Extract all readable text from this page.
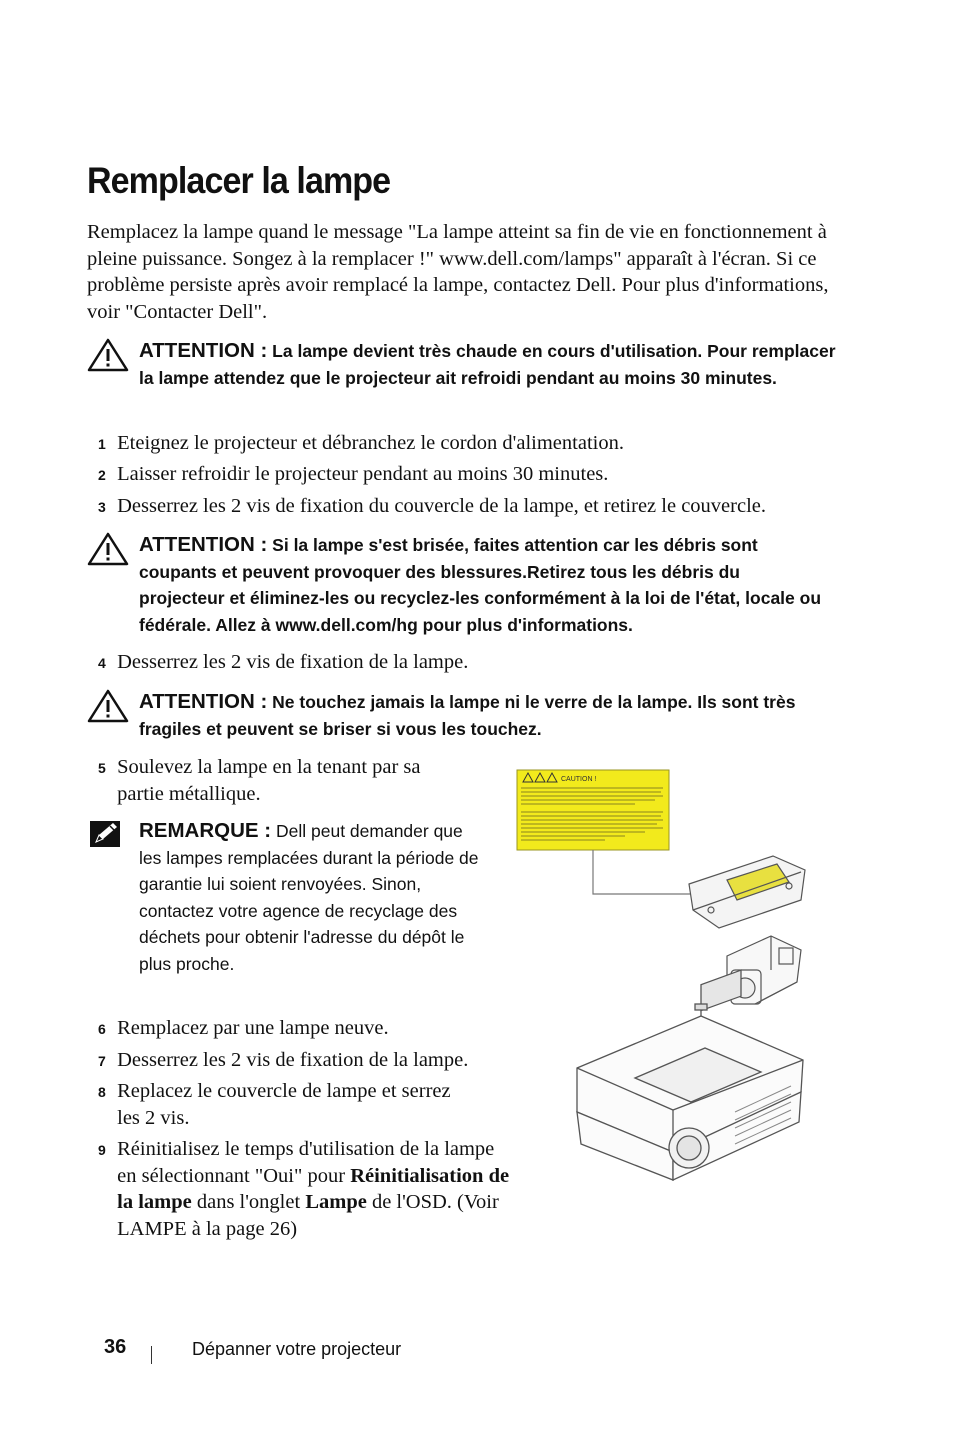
Remplacer la lampe

Remplacez la lampe quand le message "La lampe atteint sa fin de vie en fonctionnement à pleine puissance. Songez à la remplacer !" www.dell.com/lamps" apparaît à l'écran. Si ce problème persiste après avoir remplacé la lampe, contactez Dell. Pour plus d'informations, voir "Contacter Dell".

ATTENTION : La lampe devient très chaude en cours d'utilisation. Pour remplacer la lampe attendez que le projecteur ait refroidi pendant au moins 30 minutes.
1 Eteignez le projecteur et débranchez le cordon d'alimentation.
2 Laisser refroidir le projecteur pendant au moins 30 minutes.
3 Desserrez les 2 vis de fixation du couvercle de la lampe, et retirez le couvercle.
ATTENTION : Si la lampe s'est brisée, faites attention car les débris sont coupants et peuvent provoquer des blessures.Retirez tous les débris du projecteur et éliminez-les ou recyclez-les conformément à la loi de l'état, locale ou fédérale. Allez à www.dell.com/hg pour plus d'informations.
4 Desserrez les 2 vis de fixation de la lampe.
ATTENTION : Ne touchez jamais la lampe ni le verre de la lampe. Ils sont très fragiles et peuvent se briser si vous les touchez.
5 Soulevez la lampe en la tenant par sa partie métallique.
REMARQUE : Dell peut demander que les lampes remplacées durant la période de garantie lui soient renvoyées. Sinon, contactez votre agence de recyclage des déchets pour obtenir l'adresse du dépôt le plus proche.
6 Remplacez par une lampe neuve.
7 Desserrez les 2 vis de fixation de la lampe.
8 Replacez le couvercle de lampe et serrez les 2 vis.
9 Réinitialisez le temps d'utilisation de la lampe en sélectionnant "Oui" pour Réinitialisation de la lampe dans l'onglet Lampe de l'OSD. (Voir LAMPE à la page 26)
CAUTION !
36	Dépanner votre projecteur
